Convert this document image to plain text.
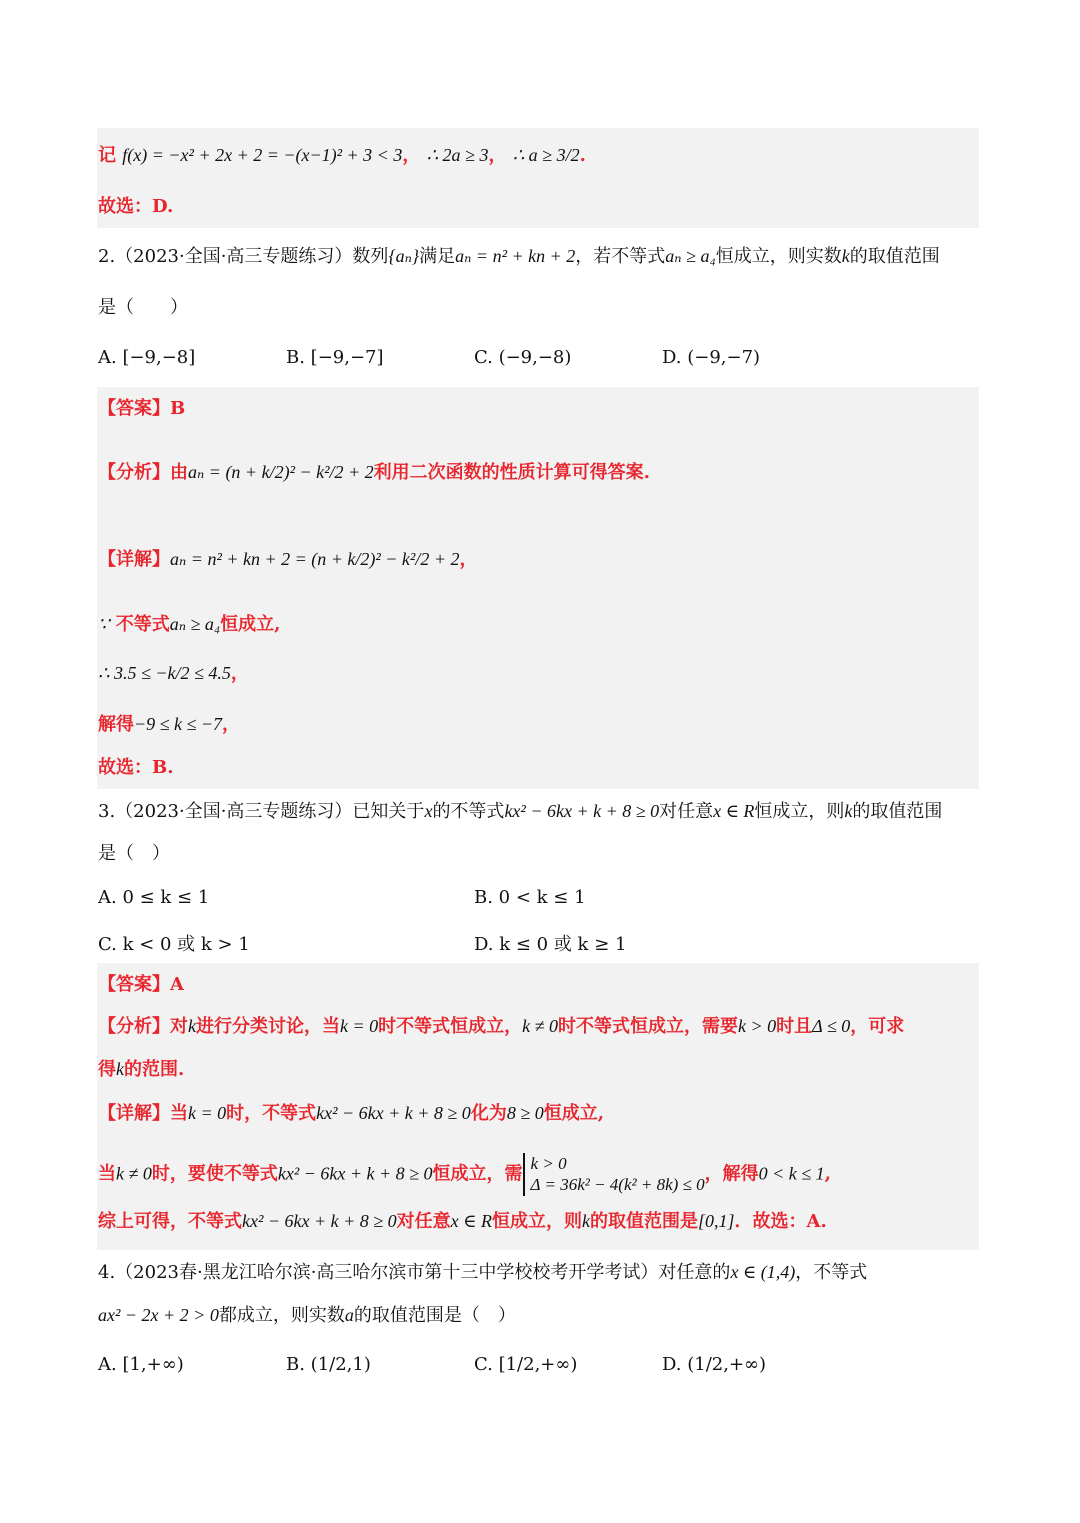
记 f(x) = −x² + 2x + 2 = −(x−1)² + 3 < 3， ∴ 2a ≥ 3， ∴ a ≥ 3/2.
故选：D.
2.（2023·全国·高三专题练习）数列{aₙ}满足aₙ = n² + kn + 2，若不等式aₙ ≥ a₄恒成立，则实数k的取值范围
是（　　）
A. [−9,−8]	B. [−9,−7]	C. (−9,−8)	D. (−9,−7)
【答案】B
【分析】由aₙ = (n + k/2)² − k²/2 + 2利用二次函数的性质计算可得答案.
【详解】aₙ = n² + kn + 2 = (n + k/2)² − k²/2 + 2，
∵ 不等式aₙ ≥ a₄恒成立,
∴ 3.5 ≤ −k/2 ≤ 4.5，
解得−9 ≤ k ≤ −7，
故选：B.
3.（2023·全国·高三专题练习）已知关于x的不等式kx² − 6kx + k + 8 ≥ 0对任意x ∈ R恒成立，则k的取值范围
是（　）
A. 0 ≤ k ≤ 1	B. 0 < k ≤ 1
C. k < 0 或 k > 1	D. k ≤ 0 或 k ≥ 1
【答案】A
【分析】对k进行分类讨论，当k = 0时不等式恒成立，k ≠ 0时不等式恒成立，需要k > 0时且Δ ≤ 0，可求
得k的范围.
【详解】当k = 0时，不等式kx² − 6kx + k + 8 ≥ 0化为8 ≥ 0恒成立,
当k ≠ 0时，要使不等式kx² − 6kx + k + 8 ≥ 0恒成立，需 k > 0
Δ = 36k² − 4(k² + 8k) ≤ 0
，解得0 < k ≤ 1,
综上可得，不等式kx² − 6kx + k + 8 ≥ 0对任意x ∈ R恒成立，则k的取值范围是[0,1]．故选：A.
4.（2023春·黑龙江哈尔滨·高三哈尔滨市第十三中学校校考开学考试）对任意的x ∈ (1,4)，不等式
ax² − 2x + 2 > 0都成立，则实数a的取值范围是（　）
A. [1,+∞)	B. (1/2,1)	C. [1/2,+∞)	D. (1/2,+∞)
